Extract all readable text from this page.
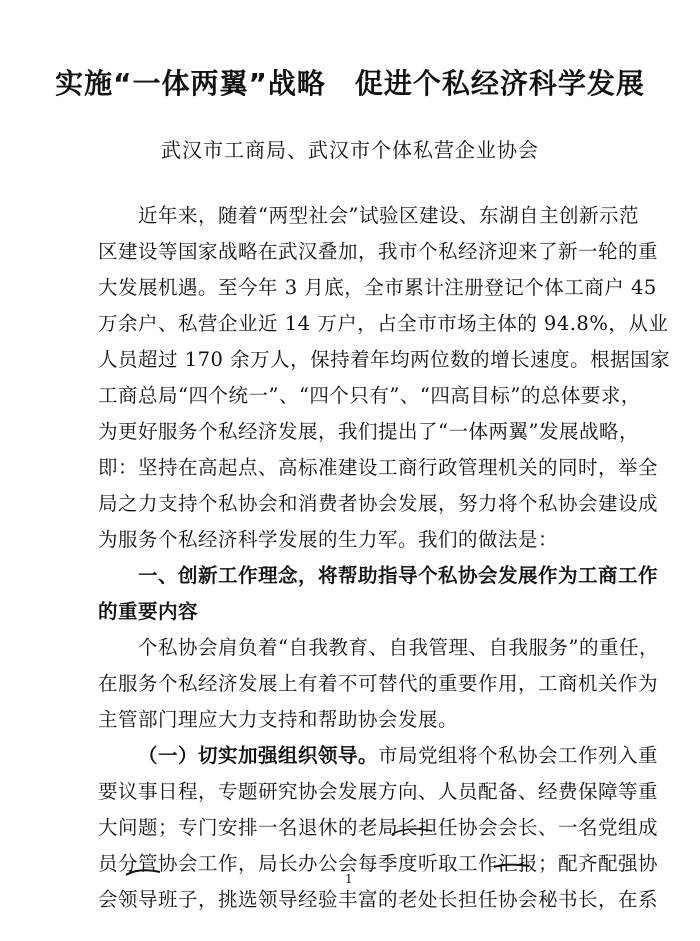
实施“一体两翼”战略　促进个私经济科学发展
武汉市工商局、武汉市个体私营企业协会
近年来，随着“两型社会”试验区建设、东湖自主创新示范
区建设等国家战略在武汉叠加，我市个私经济迎来了新一轮的重
大发展机遇。至今年 3 月底，全市累计注册登记个体工商户 45
万余户、私营企业近 14 万户，占全市市场主体的 94.8%，从业
人员超过 170 余万人，保持着年均两位数的增长速度。根据国家
工商总局“四个统一”、“四个只有”、“四高目标”的总体要求，
为更好服务个私经济发展，我们提出了“一体两翼”发展战略，
即：坚持在高起点、高标准建设工商行政管理机关的同时，举全
局之力支持个私协会和消费者协会发展，努力将个私协会建设成
为服务个私经济科学发展的生力军。我们的做法是：
一、创新工作理念，将帮助指导个私协会发展作为工商工作
的重要内容
个私协会肩负着“自我教育、自我管理、自我服务”的重任，
在服务个私经济发展上有着不可替代的重要作用，工商机关作为
主管部门理应大力支持和帮助协会发展。
（一）切实加强组织领导。市局党组将个私协会工作列入重
要议事日程，专题研究协会发展方向、人员配备、经费保障等重
大问题；专门安排一名退休的老局长担任协会会长、一名党组成
员分管协会工作，局长办公会每季度听取工作汇报；配齐配强协
会领导班子，挑选领导经验丰富的老处长担任协会秘书长，在系
1
